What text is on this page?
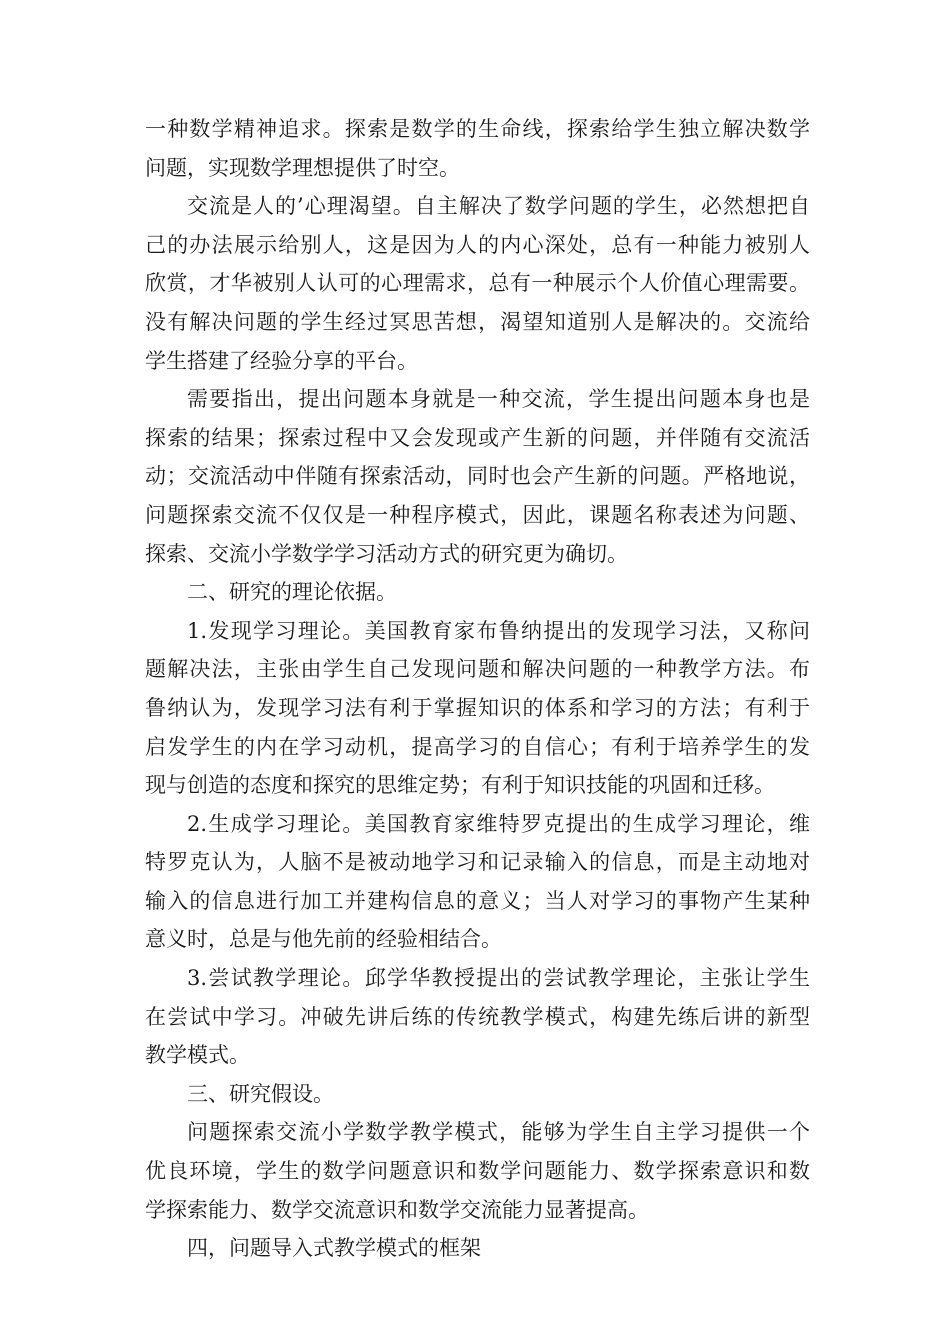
一种数学精神追求。探索是数学的生命线，探索给学生独立解决数学
问题，实现数学理想提供了时空。
交流是人的’心理渴望。自主解决了数学问题的学生，必然想把自
己的办法展示给别人，这是因为人的内心深处，总有一种能力被别人
欣赏，才华被别人认可的心理需求，总有一种展示个人价值心理需要。
没有解决问题的学生经过冥思苦想，渴望知道别人是解决的。交流给
学生搭建了经验分享的平台。
需要指出，提出问题本身就是一种交流，学生提出问题本身也是
探索的结果；探索过程中又会发现或产生新的问题，并伴随有交流活
动；交流活动中伴随有探索活动，同时也会产生新的问题。严格地说，
问题探索交流不仅仅是一种程序模式，因此，课题名称表述为问题、
探索、交流小学数学学习活动方式的研究更为确切。
二、研究的理论依据。
1.发现学习理论。美国教育家布鲁纳提出的发现学习法，又称问
题解决法，主张由学生自己发现问题和解决问题的一种教学方法。布
鲁纳认为，发现学习法有利于掌握知识的体系和学习的方法；有利于
启发学生的内在学习动机，提高学习的自信心；有利于培养学生的发
现与创造的态度和探究的思维定势；有利于知识技能的巩固和迁移。
2.生成学习理论。美国教育家维特罗克提出的生成学习理论，维
特罗克认为，人脑不是被动地学习和记录输入的信息，而是主动地对
输入的信息进行加工并建构信息的意义；当人对学习的事物产生某种
意义时，总是与他先前的经验相结合。
3.尝试教学理论。邱学华教授提出的尝试教学理论，主张让学生
在尝试中学习。冲破先讲后练的传统教学模式，构建先练后讲的新型
教学模式。
三、研究假设。
问题探索交流小学数学教学模式，能够为学生自主学习提供一个
优良环境，学生的数学问题意识和数学问题能力、数学探索意识和数
学探索能力、数学交流意识和数学交流能力显著提高。
四，问题导入式教学模式的框架
